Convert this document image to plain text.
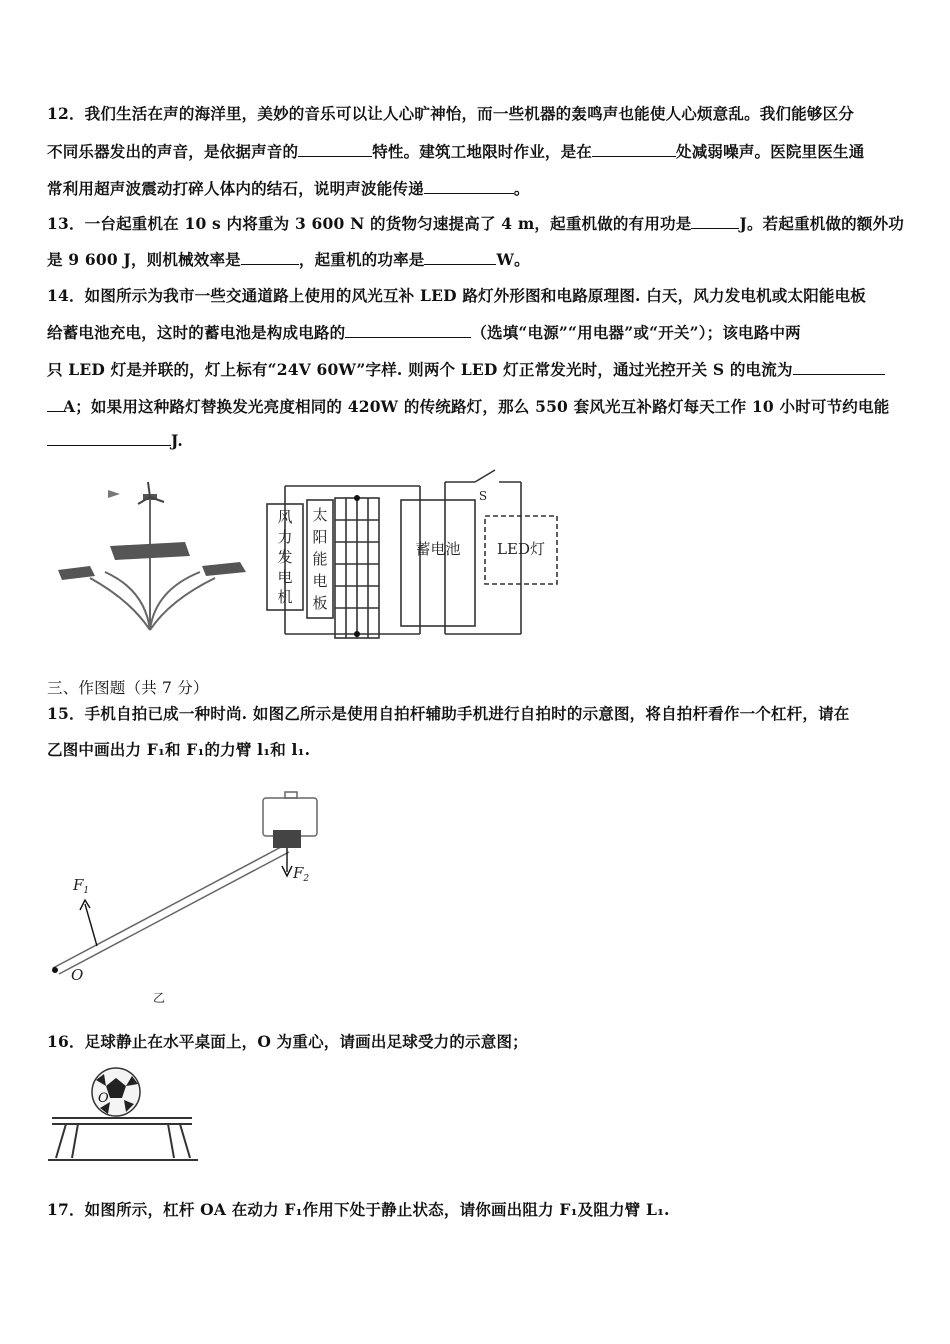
12．我们生活在声的海洋里，美妙的音乐可以让人心旷神怡，而一些机器的轰鸣声也能使人心烦意乱。我们能够区分
不同乐器发出的声音，是依据声音的	特性。建筑工地限时作业，是在	处减弱噪声。医院里医生通
常利用超声波震动打碎人体内的结石，说明声波能传递	。
13．一台起重机在 10 s 内将重为 3 600 N 的货物匀速提高了 4 m，起重机做的有用功是	J。若起重机做的额外功
是 9 600 J，则机械效率是	，起重机的功率是	W。
14．如图所示为我市一些交通道路上使用的风光互补 LED 路灯外形图和电路原理图. 白天，风力发电机或太阳能电板
给蓄电池充电，这时的蓄电池是构成电路的	（选填“电源”“用电器”或“开关”）；该电路中两
只 LED 灯是并联的，灯上标有“24V 60W”字样. 则两个 LED 灯正常发光时，通过光控开关 S 的电流为
A；如果用这种路灯替换发光亮度相同的 420W 的传统路灯，那么 550 套风光互补路灯每天工作 10 小时可节约电能
J.
风
力
发
电
机
太
阳
能
电
板
蓄电池 LED灯
S
三、作图题（共 7 分）
15．手机自拍已成一种时尚. 如图乙所示是使用自拍杆辅助手机进行自拍时的示意图，将自拍杆看作一个杠杆，请在
乙图中画出力 F₁和 F₁的力臂 l₁和 l₁.
$F_1$
$F_2$
O
乙
16．足球静止在水平桌面上，O 为重心，请画出足球受力的示意图；
O
17．如图所示，杠杆 OA 在动力 F₁作用下处于静止状态，请你画出阻力 F₁及阻力臂 L₁.
